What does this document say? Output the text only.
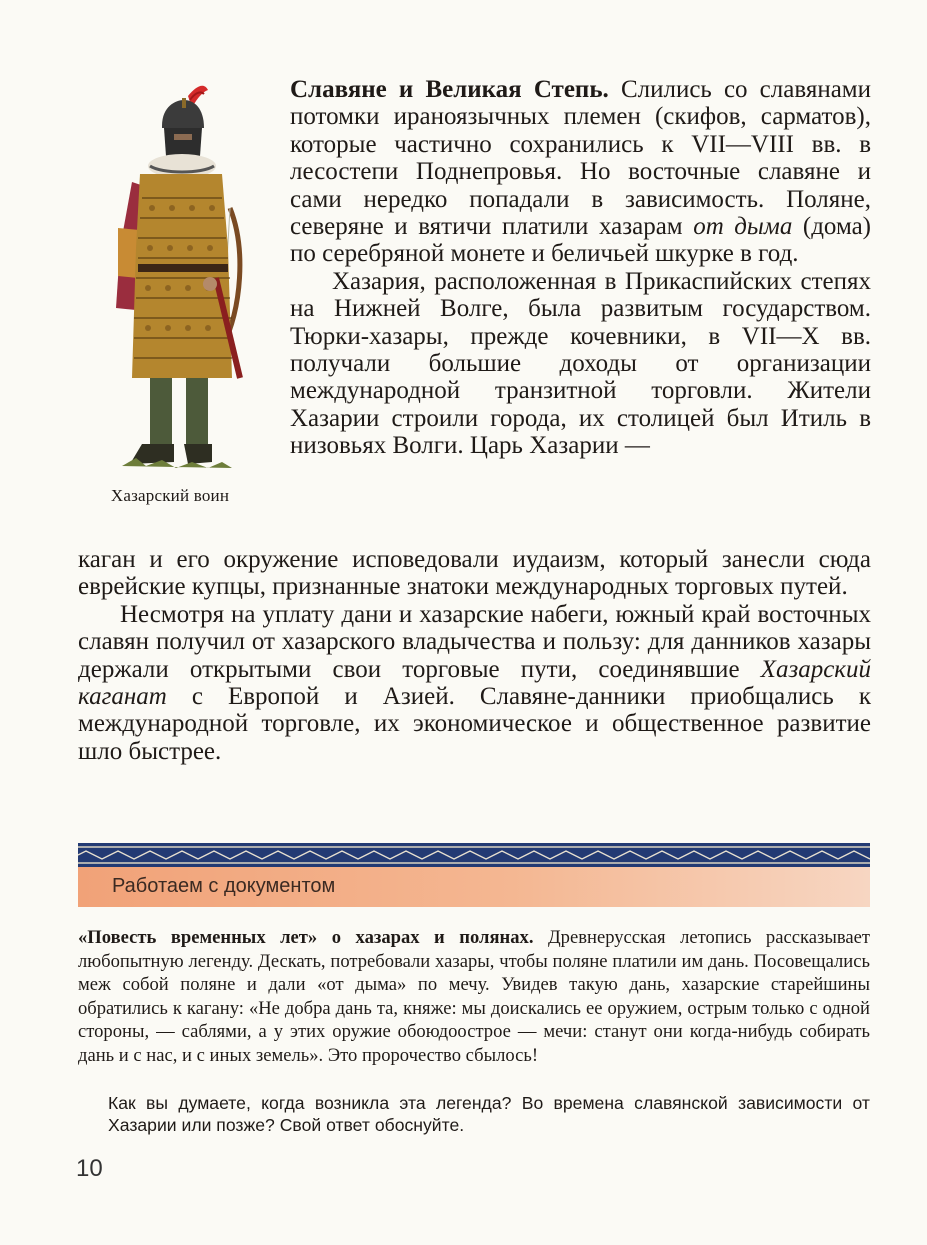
Хазарский воин

Славяне и Великая Степь. Слились со славянами потомки ираноязычных племен (скифов, сарматов), которые частично сохранились к VII—VIII вв. в лесостепи Поднепровья. Но восточные славяне и сами нередко попадали в зависимость. Поляне, северяне и вятичи платили хазарам от дыма (дома) по серебряной монете и беличьей шкурке в год.

Хазария, расположенная в Прикаспийских степях на Нижней Волге, была развитым государством. Тюрки-хазары, прежде кочевники, в VII—X вв. получали большие доходы от организации международной транзитной торговли. Жители Хазарии строили города, их столицей был Итиль в низовьях Волги. Царь Хазарии —

каган и его окружение исповедовали иудаизм, который занесли сюда еврейские купцы, признанные знатоки международных торговых путей.

Несмотря на уплату дани и хазарские набеги, южный край восточных славян получил от хазарского владычества и пользу: для данников хазары держали открытыми свои торговые пути, соединявшие Хазарский каганат с Европой и Азией. Славяне-данники приобщались к международной торговле, их экономическое и общественное развитие шло быстрее.

Работаем с документом

«Повесть временных лет» о хазарах и полянах. Древнерусская летопись рассказывает любопытную легенду. Дескать, потребовали хазары, чтобы поляне платили им дань. Посовещались меж собой поляне и дали «от дыма» по мечу. Увидев такую дань, хазарские старейшины обратились к кагану: «Не добра дань та, княже: мы доискались ее оружием, острым только с одной стороны, — саблями, а у этих оружие обоюдоострое — мечи: станут они когда-нибудь собирать дань и с нас, и с иных земель». Это пророчество сбылось!

Как вы думаете, когда возникла эта легенда? Во времена славянской зависимости от Хазарии или позже? Свой ответ обоснуйте.

10
